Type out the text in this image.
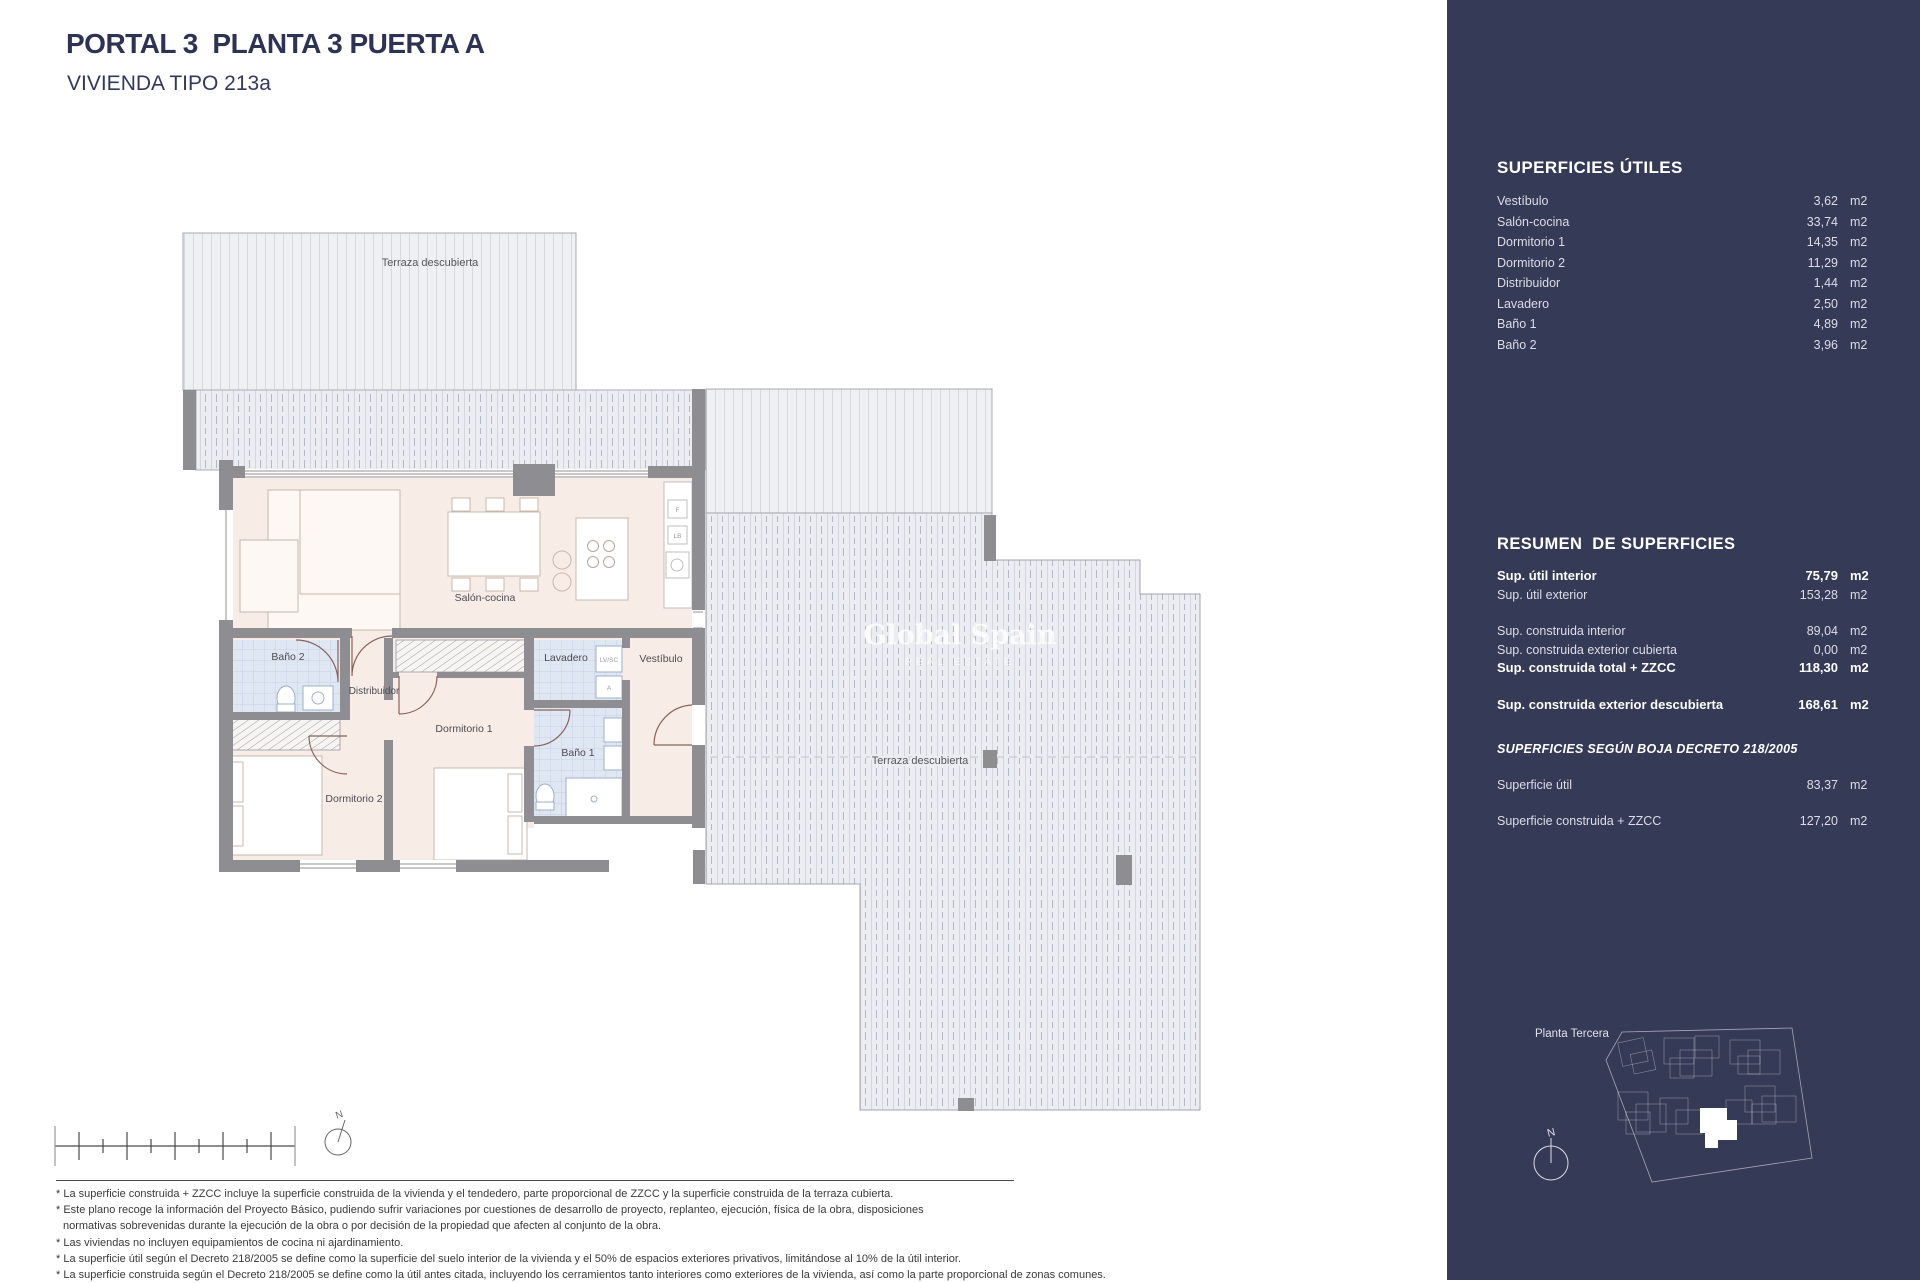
PORTAL 3  PLANTA 3 PUERTA A
VIVIENDA TIPO 213a
Terraza descubierta
Global Spain
REAL ESTATE
Terraza descubierta
F
LB
LV/SC
A
Salón-cocina
Baño 2
Distribuidor
Dormitorio 1
Dormitorio 2
Lavadero
Baño 1
Vestíbulo
N
* La superficie construida + ZZCC incluye la superficie construida de la vivienda y el tendedero, parte proporcional de ZZCC y la superficie construida de la terraza cubierta.
* Este plano recoge la información del Proyecto Básico, pudiendo sufrir variaciones por cuestiones de desarrollo de proyecto, replanteo, ejecución, física de la obra, disposiciones
normativas sobrevenidas durante la ejecución de la obra o por decisión de la propiedad que afecten al conjunto de la obra.
* Las viviendas no incluyen equipamientos de cocina ni ajardinamiento.
* La superficie útil según el Decreto 218/2005 se define como la superficie del suelo interior de la vivienda y el 50% de espacios exteriores privativos, limitándose al 10% de la útil interior.
* La superficie construida según el Decreto 218/2005 se define como la útil antes citada, incluyendo los cerramientos tanto interiores como exteriores de la vivienda, así como la parte proporcional de zonas comunes.
SUPERFICIES ÚTILES
Vestíbulo	3,62 m2
Salón-cocina	33,74 m2
Dormitorio 1	14,35 m2
Dormitorio 2	11,29 m2
Distribuidor	1,44 m2
Lavadero	2,50 m2
Baño 1	4,89 m2
Baño 2	3,96 m2
RESUMEN  DE SUPERFICIES
Sup. útil interior	75,79 m2
Sup. útil exterior	153,28 m2
Sup. construida interior	89,04 m2
Sup. construida exterior cubierta	0,00 m2
Sup. construida total + ZZCC	118,30 m2
Sup. construida exterior descubierta	168,61 m2
SUPERFICIES SEGÚN BOJA DECRETO 218/2005
Superficie útil	83,37 m2
Superficie construida + ZZCC	127,20 m2
Planta Tercera
N
